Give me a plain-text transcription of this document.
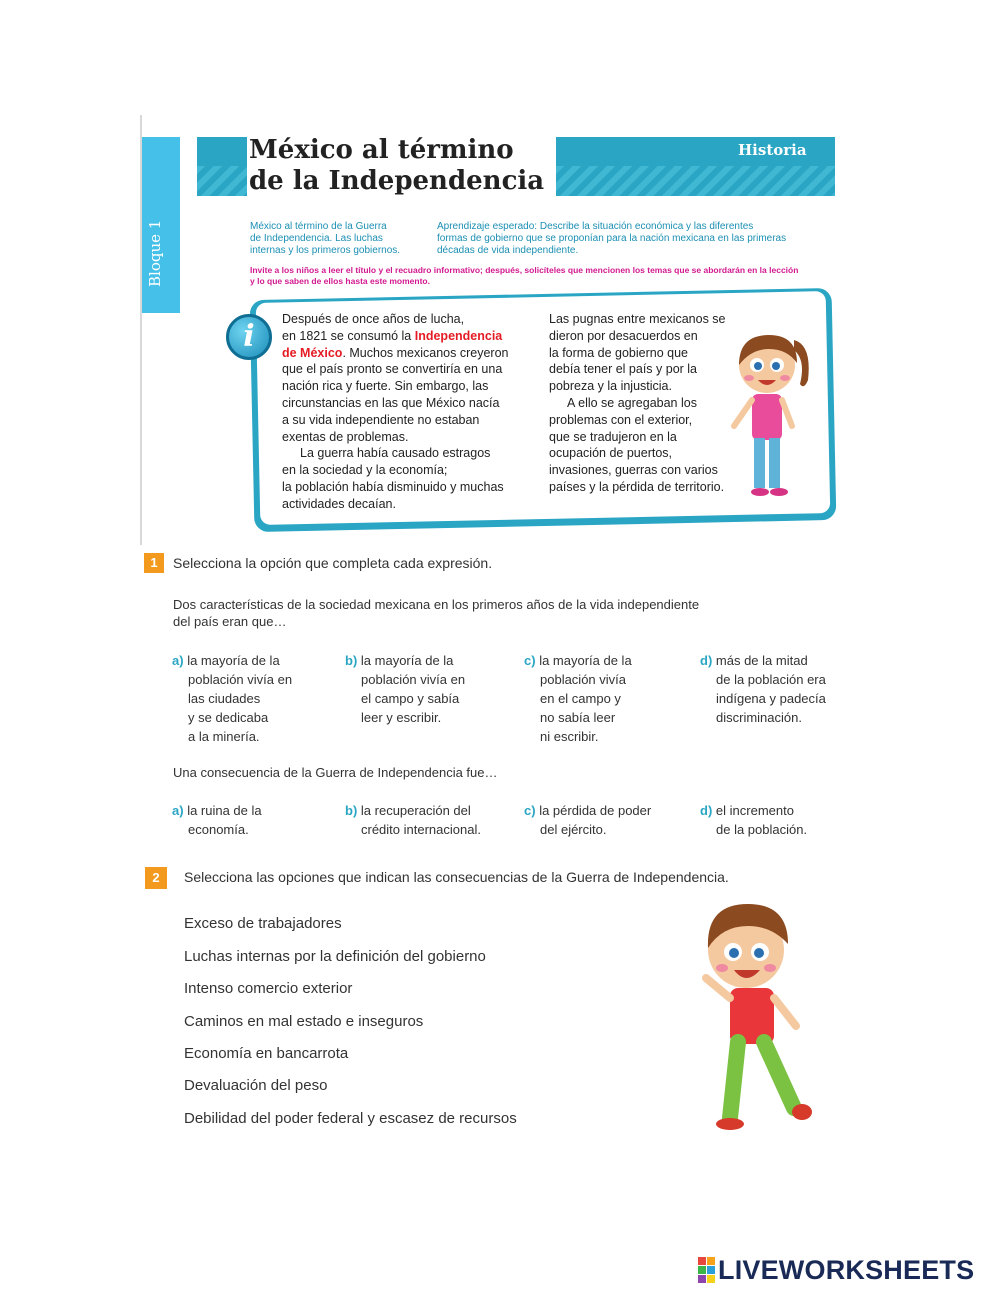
Bloque 1
México al término
de la Independencia
Historia
México al término de la Guerra
de Independencia. Las luchas
internas y los primeros gobiernos.
Aprendizaje esperado: Describe la situación económica y las diferentes
formas de gobierno que se proponían para la nación mexicana en las primeras
décadas de vida independiente.
Invite a los niños a leer el título y el recuadro informativo; después, solicíteles que mencionen los temas que se abordarán en la lección
y lo que saben de ellos hasta este momento.
i	Después de once años de lucha,
en 1821 se consumó la Independencia
de México. Muchos mexicanos creyeron
que el país pronto se convertiría en una
nación rica y fuerte. Sin embargo, las
circunstancias en las que México nacía
a su vida independiente no estaban
exentas de problemas.
La guerra había causado estragos
en la sociedad y la economía;
la población había disminuido y muchas
actividades decaían.
Las pugnas entre mexicanos se
dieron por desacuerdos en
la forma de gobierno que
debía tener el país y por la
pobreza y la injusticia.
A ello se agregaban los
problemas con el exterior,
que se tradujeron en la
ocupación de puertos,
invasiones, guerras con varios
países y la pérdida de territorio.
1	Selecciona la opción que completa cada expresión.
Dos características de la sociedad mexicana en los primeros años de la vida independiente
del país eran que…
a) la mayoría de la
población vivía en
las ciudades
y se dedicaba
a la minería.
b) la mayoría de la
población vivía en
el campo y sabía
leer y escribir.
c) la mayoría de la
población vivía
en el campo y
no sabía leer
ni escribir.
d) más de la mitad
de la población era
indígena y padecía
discriminación.
Una consecuencia de la Guerra de Independencia fue…
a) la ruina de la
economía.
b) la recuperación del
crédito internacional.
c) la pérdida de poder
del ejército.
d) el incremento
de la población.
2	Selecciona las opciones que indican las consecuencias de la Guerra de Independencia.
Exceso de trabajadores
Luchas internas por la definición del gobierno
Intenso comercio exterior
Caminos en mal estado e inseguros
Economía en bancarrota
Devaluación del peso
Debilidad del poder federal y escasez de recursos
LIVEWORKSHEETS
